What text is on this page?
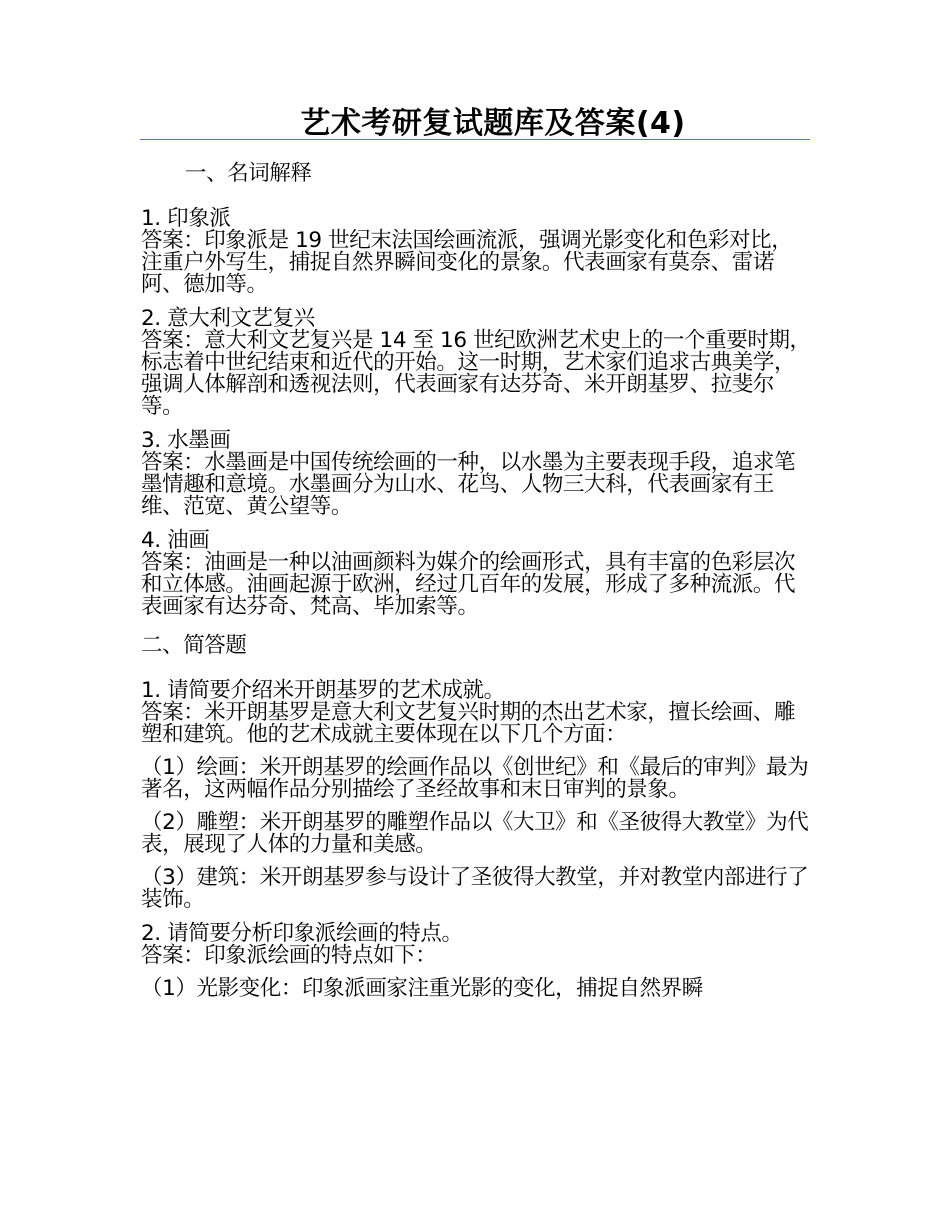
艺术考研复试题库及答案(4)
一、名词解释
1. 印象派
答案：印象派是 19 世纪末法国绘画流派，强调光影变化和色彩对比，注重户外写生，捕捉自然界瞬间变化的景象。代表画家有莫奈、雷诺阿、德加等。
2. 意大利文艺复兴
答案：意大利文艺复兴是 14 至 16 世纪欧洲艺术史上的一个重要时期，标志着中世纪结束和近代的开始。这一时期，艺术家们追求古典美学，强调人体解剖和透视法则，代表画家有达芬奇、米开朗基罗、拉斐尔等。
3. 水墨画
答案：水墨画是中国传统绘画的一种，以水墨为主要表现手段，追求笔墨情趣和意境。水墨画分为山水、花鸟、人物三大科，代表画家有王维、范宽、黄公望等。
4. 油画
答案：油画是一种以油画颜料为媒介的绘画形式，具有丰富的色彩层次和立体感。油画起源于欧洲，经过几百年的发展，形成了多种流派。代表画家有达芬奇、梵高、毕加索等。
二、简答题
1. 请简要介绍米开朗基罗的艺术成就。
答案：米开朗基罗是意大利文艺复兴时期的杰出艺术家，擅长绘画、雕塑和建筑。他的艺术成就主要体现在以下几个方面：
（1）绘画：米开朗基罗的绘画作品以《创世纪》和《最后的审判》最为著名，这两幅作品分别描绘了圣经故事和末日审判的景象。
（2）雕塑：米开朗基罗的雕塑作品以《大卫》和《圣彼得大教堂》为代表，展现了人体的力量和美感。
（3）建筑：米开朗基罗参与设计了圣彼得大教堂，并对教堂内部进行了装饰。
2. 请简要分析印象派绘画的特点。
答案：印象派绘画的特点如下：
（1）光影变化：印象派画家注重光影的变化，捕捉自然界瞬
